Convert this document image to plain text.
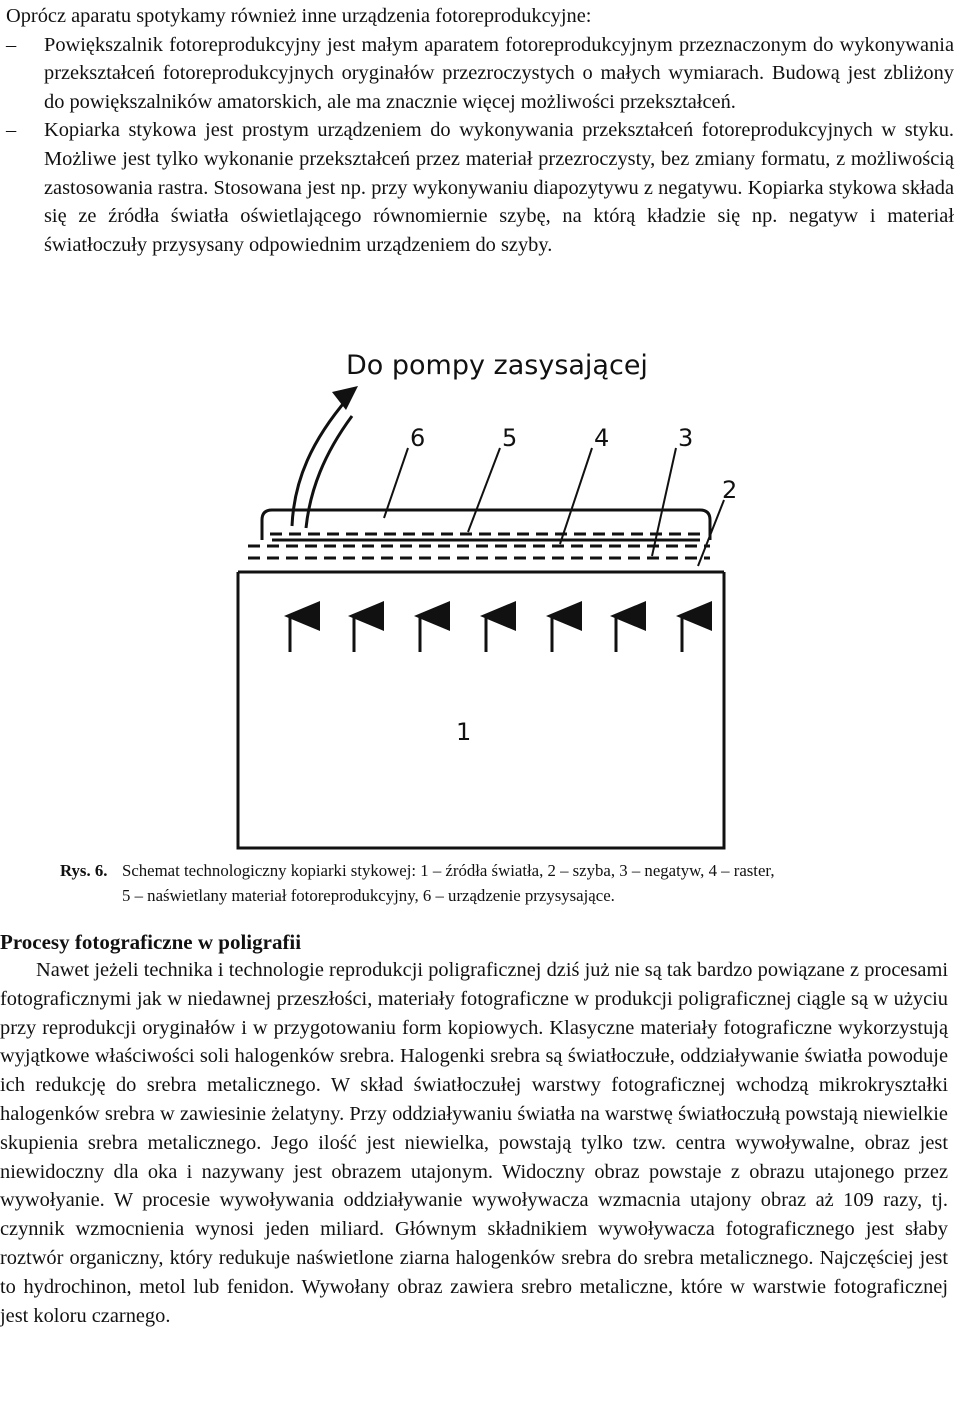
Oprócz aparatu spotykamy również inne urządzenia fotoreprodukcyjne:

– Powiększalnik fotoreprodukcyjny jest małym aparatem fotoreprodukcyjnym przeznaczonym do wykonywania przekształceń fotoreprodukcyjnych oryginałów przezroczystych o małych wymiarach. Budową jest zbliżony do powiększalników amatorskich, ale ma znacznie więcej możliwości przekształceń.

– Kopiarka stykowa jest prostym urządzeniem do wykonywania przekształceń fotoreprodukcyjnych w styku. Możliwe jest tylko wykonanie przekształceń przez materiał przezroczysty, bez zmiany formatu, z możliwością zastosowania rastra. Stosowana jest np. przy wykonywaniu diapozytywu z negatywu. Kopiarka stykowa składa się ze źródła światła oświetlającego równomiernie szybę, na którą kładzie się np. negatyw i materiał światłoczuły przysysany odpowiednim urządzeniem do szyby.

Do pompy zasysającej
6	5	4	3
2
1
Rys. 6. Schemat technologiczny kopiarki stykowej: 1 – źródła światła, 2 – szyba, 3 – negatyw, 4 – raster,
5 – naświetlany materiał fotoreprodukcyjny, 6 – urządzenie przysysające.
Procesy fotograficzne w poligrafii

Nawet jeżeli technika i technologie reprodukcji poligraficznej dziś już nie są tak bardzo powiązane z procesami fotograficznymi jak w niedawnej przeszłości, materiały fotograficzne w produkcji poligraficznej ciągle są w użyciu przy reprodukcji oryginałów i w przygotowaniu form kopiowych. Klasyczne materiały fotograficzne wykorzystują wyjątkowe właściwości soli halogenków srebra. Halogenki srebra są światłoczułe, oddziaływanie światła powoduje ich redukcję do srebra metalicznego. W skład światłoczułej warstwy fotograficznej wchodzą mikrokryształki halogenków srebra w zawiesinie żelatyny. Przy oddziaływaniu światła na warstwę światłoczułą powstają niewielkie skupienia srebra metalicznego. Jego ilość jest niewielka, powstają tylko tzw. centra wywoływalne, obraz jest niewidoczny dla oka i nazywany jest obrazem utajonym. Widoczny obraz powstaje z obrazu utajonego przez wywołyanie. W procesie wywoływania oddziaływanie wywoływacza wzmacnia utajony obraz aż 109 razy, tj. czynnik wzmocnienia wynosi jeden miliard. Głównym składnikiem wywoływacza fotograficznego jest słaby roztwór organiczny, który redukuje naświetlone ziarna halogenków srebra do srebra metalicznego. Najczęściej jest to hydrochinon, metol lub fenidon. Wywołany obraz zawiera srebro metaliczne, które w warstwie fotograficznej jest koloru czarnego.
